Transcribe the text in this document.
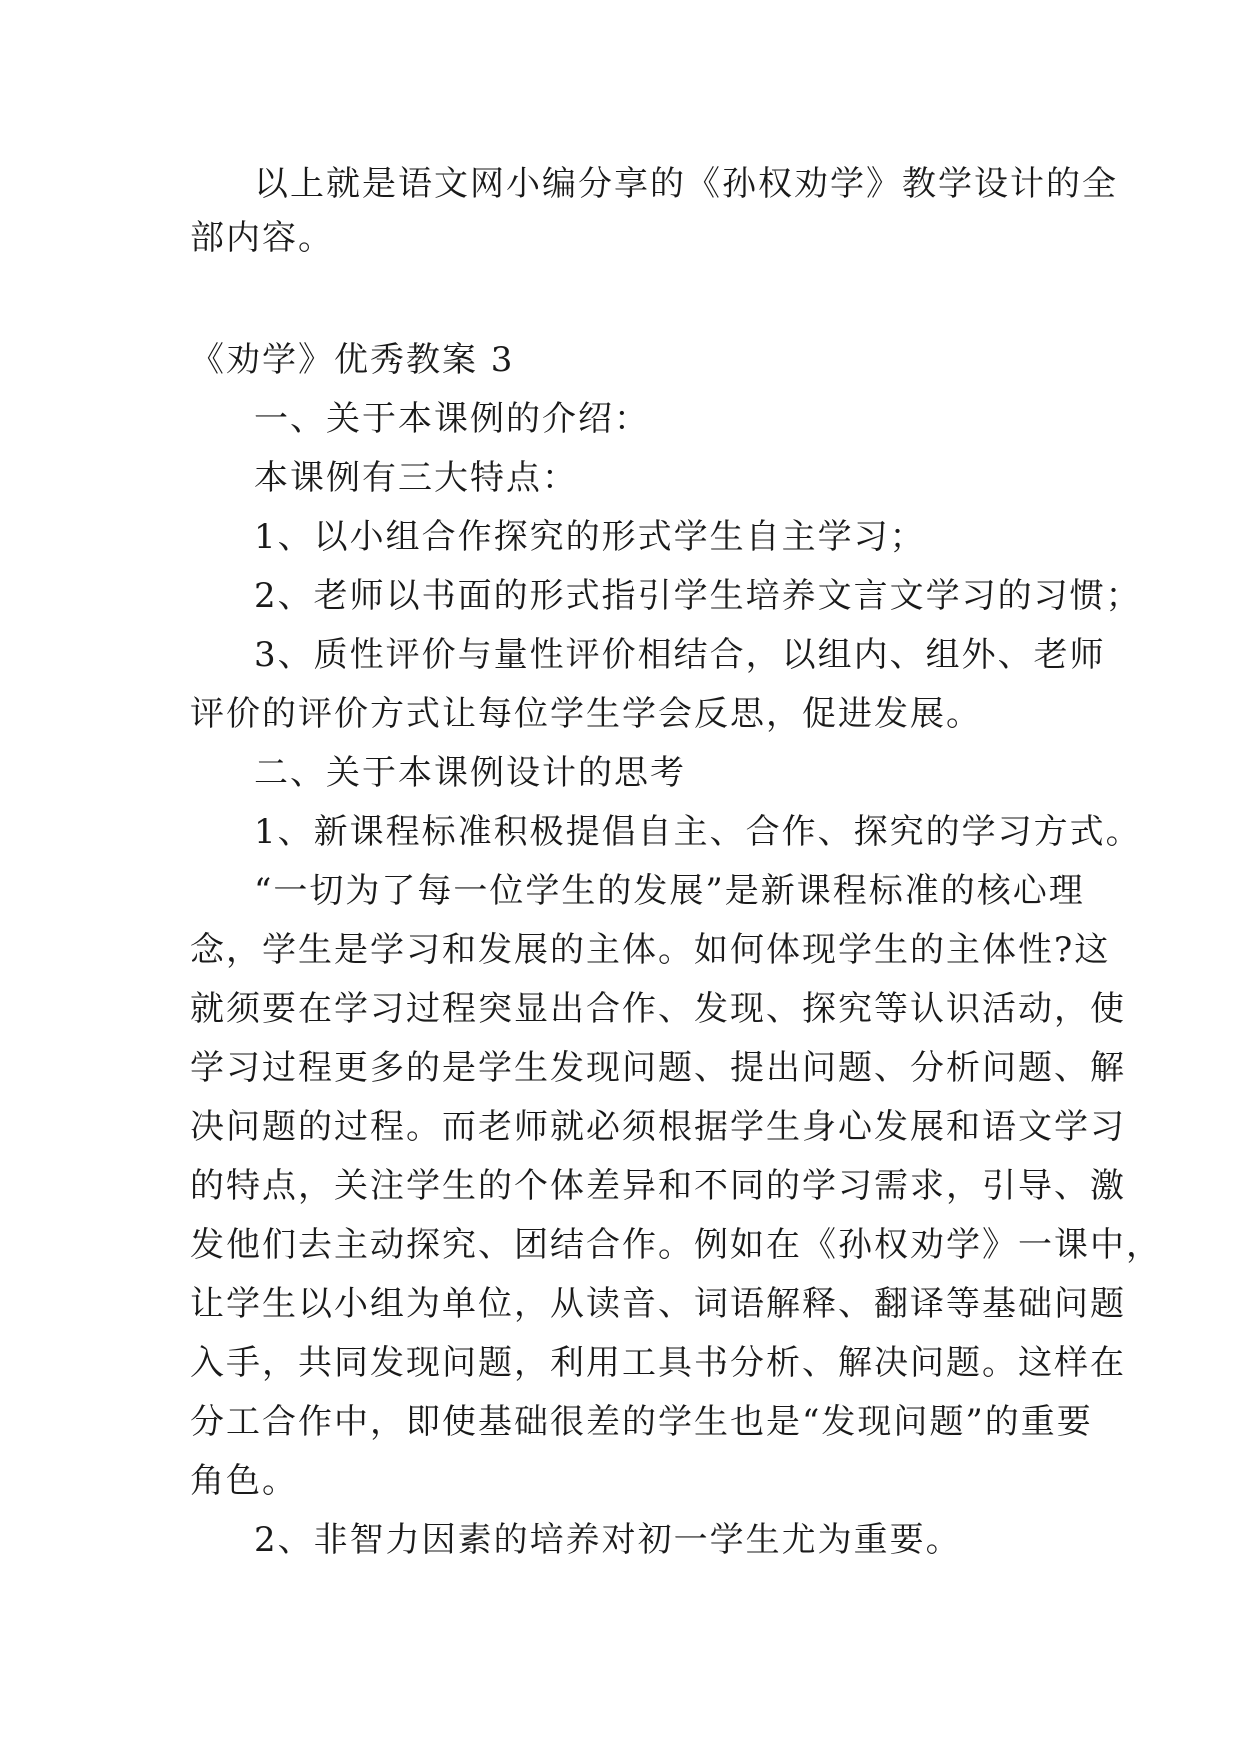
以上就是语文网小编分享的《孙权劝学》教学设计的全
部内容。
《劝学》优秀教案 3
一、关于本课例的介绍：
本课例有三大特点：
1、以小组合作探究的形式学生自主学习；
2、老师以书面的形式指引学生培养文言文学习的习惯；
3、质性评价与量性评价相结合，以组内、组外、老师
评价的评价方式让每位学生学会反思，促进发展。
二、关于本课例设计的思考
1、新课程标准积极提倡自主、合作、探究的学习方式。
“一切为了每一位学生的发展”是新课程标准的核心理
念，学生是学习和发展的主体。如何体现学生的主体性?这
就须要在学习过程突显出合作、发现、探究等认识活动，使
学习过程更多的是学生发现问题、提出问题、分析问题、解
决问题的过程。而老师就必须根据学生身心发展和语文学习
的特点，关注学生的个体差异和不同的学习需求，引导、激
发他们去主动探究、团结合作。例如在《孙权劝学》一课中，
让学生以小组为单位，从读音、词语解释、翻译等基础问题
入手，共同发现问题，利用工具书分析、解决问题。这样在
分工合作中，即使基础很差的学生也是“发现问题”的重要
角色。
2、非智力因素的培养对初一学生尤为重要。
